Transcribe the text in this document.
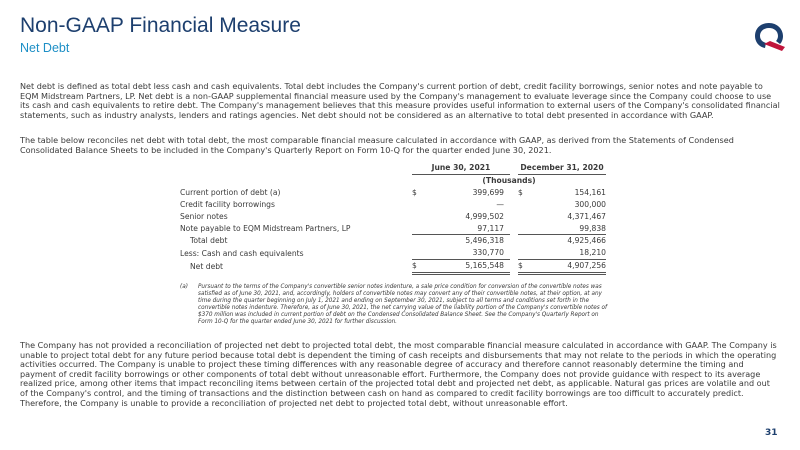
Non-GAAP Financial Measure
Net Debt
Net debt is defined as total debt less cash and cash equivalents. Total debt includes the Company's current portion of debt, credit facility borrowings, senior notes and note payable to EQM Midstream Partners, LP. Net debt is a non-GAAP supplemental financial measure used by the Company's management to evaluate leverage since the Company could choose to use its cash and cash equivalents to retire debt. The Company's management believes that this measure provides useful information to external users of the Company's consolidated financial statements, such as industry analysts, lenders and ratings agencies. Net debt should not be considered as an alternative to total debt presented in accordance with GAAP.
The table below reconciles net debt with total debt, the most comparable financial measure calculated in accordance with GAAP, as derived from the Statements of Condensed Consolidated Balance Sheets to be included in the Company's Quarterly Report on Form 10-Q for the quarter ended June 30, 2021.
	June 30, 2021			December 31, 2020	
	(Thousands)				
Current portion of debt (a)	$	399,699		$	154,161
Credit facility borrowings		—			300,000
Senior notes		4,999,502			4,371,467
Note payable to EQM Midstream Partners, LP		97,117			99,838
Total debt		5,496,318			4,925,466
Less: Cash and cash equivalents		330,770			18,210
Net debt	$	5,165,548		$	4,907,256
(a) Pursuant to the terms of the Company's convertible senior notes indenture, a sale price condition for conversion of the convertible notes was satisfied as of June 30, 2021, and, accordingly, holders of convertible notes may convert any of their convertible notes, at their option, at any time during the quarter beginning on July 1, 2021 and ending on September 30, 2021, subject to all terms and conditions set forth in the convertible notes indenture. Therefore, as of June 30, 2021, the net carrying value of the liability portion of the Company's convertible notes of $370 million was included in current portion of debt on the Condensed Consolidated Balance Sheet. See the Company's Quarterly Report on Form 10-Q for the quarter ended June 30, 2021 for further discussion.
The Company has not provided a reconciliation of projected net debt to projected total debt, the most comparable financial measure calculated in accordance with GAAP. The Company is unable to project total debt for any future period because total debt is dependent the timing of cash receipts and disbursements that may not relate to the periods in which the operating activities occurred. The Company is unable to project these timing differences with any reasonable degree of accuracy and therefore cannot reasonably determine the timing and payment of credit facility borrowings or other components of total debt without unreasonable effort. Furthermore, the Company does not provide guidance with respect to its average realized price, among other items that impact reconciling items between certain of the projected total debt and projected net debt, as applicable. Natural gas prices are volatile and out of the Company's control, and the timing of transactions and the distinction between cash on hand as compared to credit facility borrowings are too difficult to accurately predict. Therefore, the Company is unable to provide a reconciliation of projected net debt to projected total debt, without unreasonable effort.
31
